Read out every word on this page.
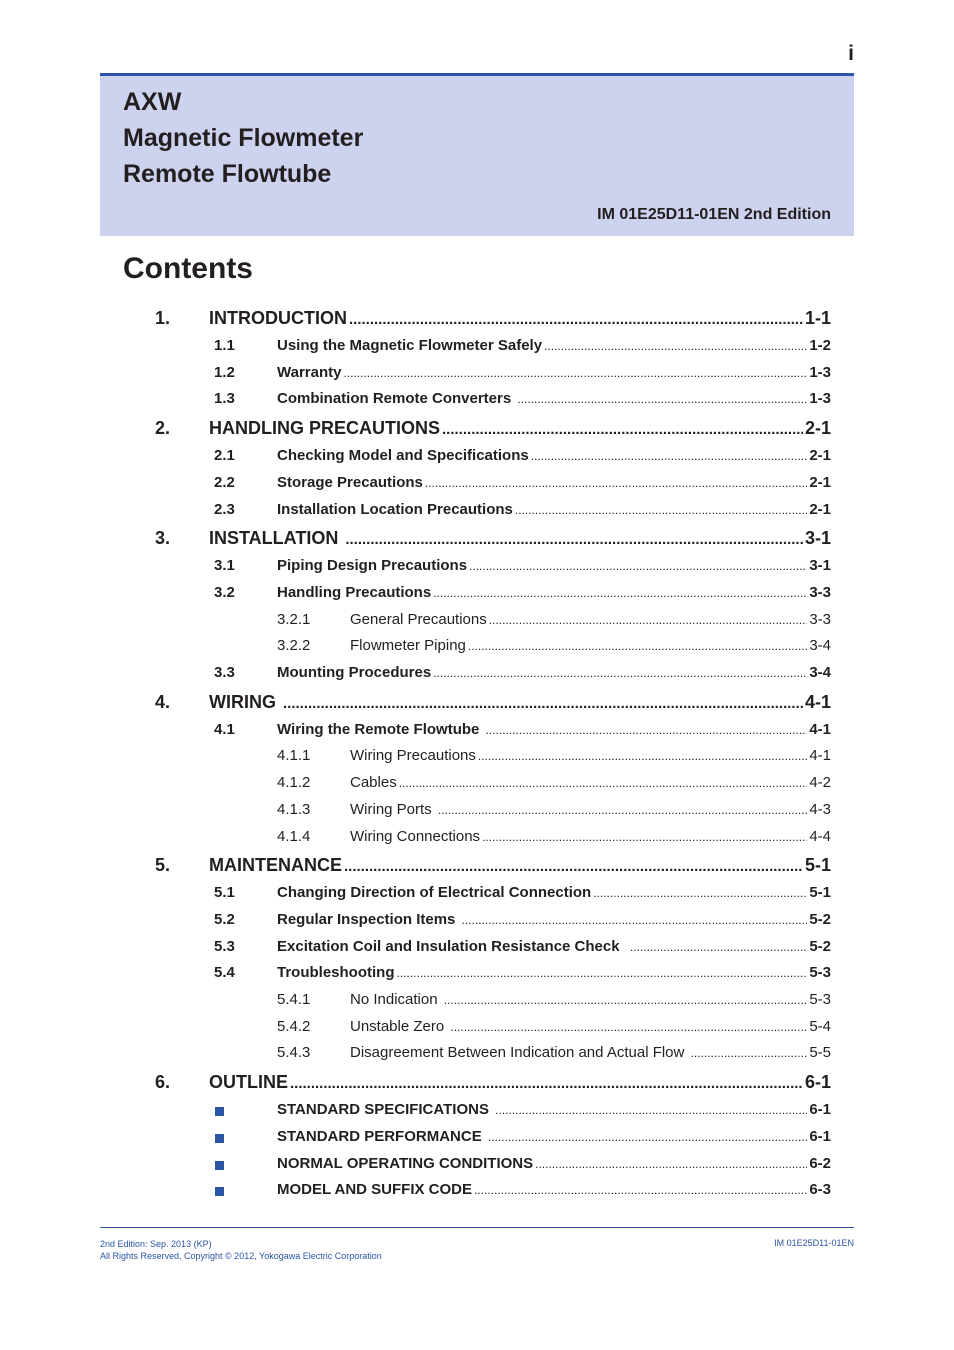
i
AXW
Magnetic Flowmeter
Remote Flowtube
IM 01E25D11-01EN 2nd Edition
Contents
1. INTRODUCTION .....	1-1
1.1	Using the Magnetic Flowmeter Safely .....	1-2
1.2	Warranty .....	1-3
1.3	Combination Remote Converters .....	1-3
2. HANDLING PRECAUTIONS .....	2-1
2.1	Checking Model and Specifications .....	2-1
2.2	Storage Precautions .....	2-1
2.3	Installation Location Precautions .....	2-1
3. INSTALLATION .....	3-1
3.1	Piping Design Precautions .....	3-1
3.2	Handling Precautions .....	3-3
3.2.1	General Precautions .....	3-3
3.2.2	Flowmeter Piping .....	3-4
3.3	Mounting Procedures .....	3-4
4. WIRING .....	4-1
4.1	Wiring the Remote Flowtube .....	4-1
4.1.1	Wiring Precautions .....	4-1
4.1.2	Cables .....	4-2
4.1.3	Wiring Ports .....	4-3
4.1.4	Wiring Connections .....	4-4
5. MAINTENANCE .....	5-1
5.1	Changing Direction of Electrical Connection .....	5-1
5.2	Regular Inspection Items .....	5-2
5.3	Excitation Coil and Insulation Resistance Check .....	5-2
5.4	Troubleshooting .....	5-3
5.4.1	No Indication .....	5-3
5.4.2	Unstable Zero .....	5-4
5.4.3	Disagreement Between Indication and Actual Flow .....	5-5
6. OUTLINE .....	6-1
STANDARD SPECIFICATIONS .....	6-1
STANDARD PERFORMANCE .....	6-1
NORMAL OPERATING CONDITIONS .....	6-2
MODEL AND SUFFIX CODE .....	6-3
2nd Edition: Sep. 2013 (KP)
All Rights Reserved, Copyright © 2012, Yokogawa Electric Corporation
IM 01E25D11-01EN
